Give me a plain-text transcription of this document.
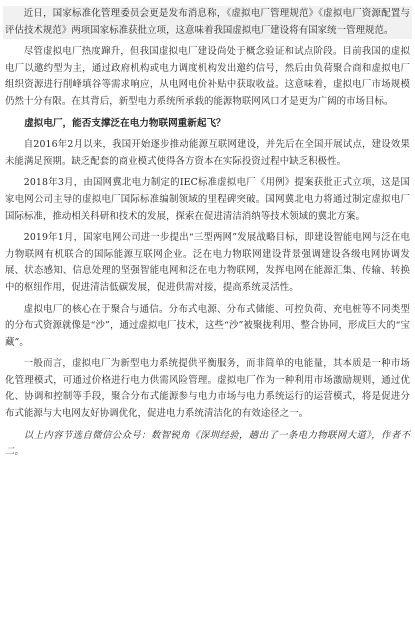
近日，国家标准化管理委员会更是发布消息称，《虚拟电厂管理规范》《虚拟电厂资源配置与评估技术规范》两项国家标准获批立项，这意味着我国虚拟电厂建设将有国家统一管理规范。

尽管虚拟电厂热度蹿升，但我国虚拟电厂建设尚处于概念验证和试点阶段。目前我国的虚拟电厂以邀约型为主，通过政府机构或电力调度机构发出邀约信号，然后由负荷聚合商和虚拟电厂组织资源进行削峰填谷等需求响应，从电网电价补贴中获取收益。这意味着，虚拟电厂市场规模仍然十分有限。在其背后，新型电力系统所承载的能源物联网风口才是更为广阔的市场目标。

虚拟电厂，能否支撑泛在电力物联网重新起飞？

自2016年2月以来，我国开始逐步推动能源互联网建设，并先后在全国开展试点，建设效果未能满足预期。缺乏配套的商业模式使得各方资本在实际投资过程中缺乏积极性。

2018年3月，由国网冀北电力制定的IEC标准虚拟电厂《用例》提案获批正式立项，这是国家电网公司主导的虚拟电厂国际标准编制领域的里程碑突破。国网冀北电力将通过制定虚拟电厂国际标准，推动相关科研和技术的发展，探索在促进清洁消纳等技术领域的冀北方案。

2019年1月，国家电网公司进一步提出“三型两网”发展战略目标，即建设智能电网与泛在电力物联网有机联合的国际能源互联网企业。泛在电力物联网建设背景强调建设各级电网协调发展、状态感知、信息处理的坚强智能电网和泛在电力物联网，发挥电网在能源汇集、传输、转换中的枢纽作用，促进清洁低碳发展，促进供需对接，提高系统灵活性。

虚拟电厂的核心在于聚合与通信。分布式电源、分布式储能、可控负荷、充电桩等不同类型的分布式资源就像是“沙”，通过虚拟电厂技术，这些“沙”被聚拢利用、整合协同，形成巨大的“宝藏”。

一般而言，虚拟电厂为新型电力系统提供平衡服务，而非简单的电能量，其本质是一种市场化管理模式，可通过价格进行电力供需风险管理。虚拟电厂作为一种利用市场激励规则，通过优化、协调和控制等手段，聚合分布式能源参与电力市场与电力系统运行的运营模式，将是促进分布式能源与大电网友好协调优化，促进电力系统清洁化的有效途径之一。

以上内容节选自微信公众号：数智锐角《深圳经验，趟出了一条电力物联网大道》，作者不二。
